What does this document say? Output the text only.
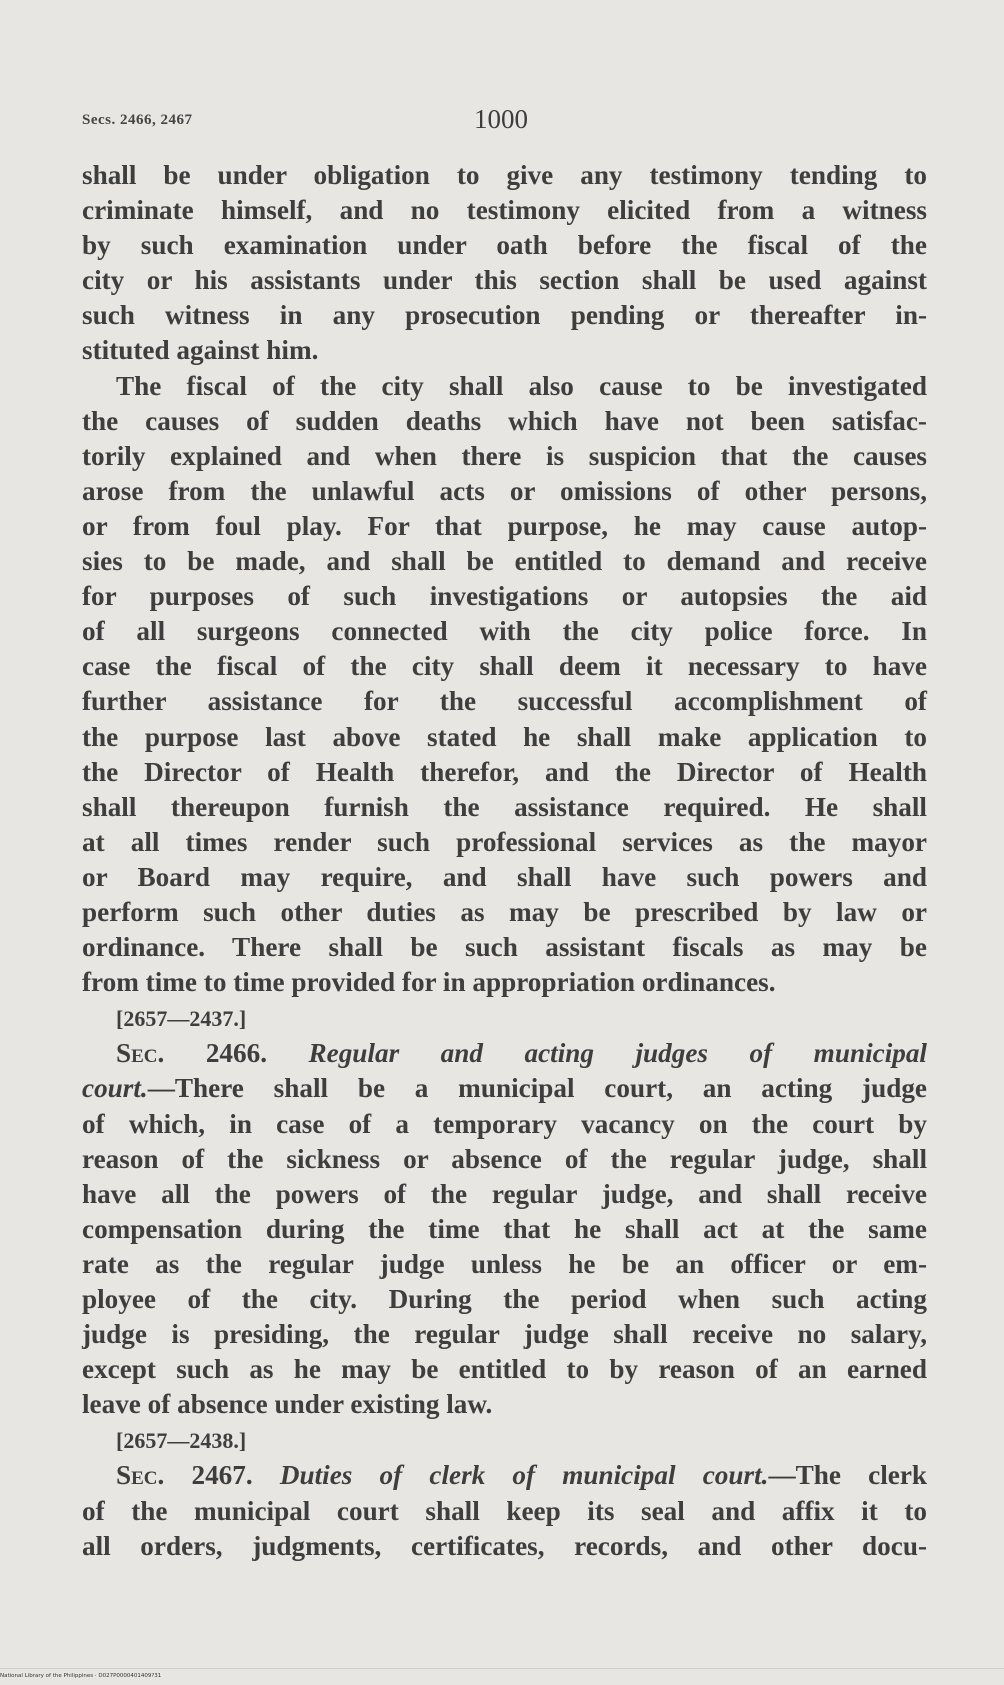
Secs. 2466, 2467	1000
shall be under obligation to give any testimony tending to
criminate himself, and no testimony elicited from a witness
by such examination under oath before the fiscal of the
city or his assistants under this section shall be used against
such witness in any prosecution pending or thereafter in-
stituted against him.
The fiscal of the city shall also cause to be investigated
the causes of sudden deaths which have not been satisfac-
torily explained and when there is suspicion that the causes
arose from the unlawful acts or omissions of other persons,
or from foul play. For that purpose, he may cause autop-
sies to be made, and shall be entitled to demand and receive
for purposes of such investigations or autopsies the aid
of all surgeons connected with the city police force. In
case the fiscal of the city shall deem it necessary to have
further assistance for the successful accomplishment of
the purpose last above stated he shall make application to
the Director of Health therefor, and the Director of Health
shall thereupon furnish the assistance required. He shall
at all times render such professional services as the mayor
or Board may require, and shall have such powers and
perform such other duties as may be prescribed by law or
ordinance. There shall be such assistant fiscals as may be
from time to time provided for in appropriation ordinances.
[2657—2437.]
Sec. 2466. Regular and acting judges of municipal
court.—There shall be a municipal court, an acting judge
of which, in case of a temporary vacancy on the court by
reason of the sickness or absence of the regular judge, shall
have all the powers of the regular judge, and shall receive
compensation during the time that he shall act at the same
rate as the regular judge unless he be an officer or em-
ployee of the city. During the period when such acting
judge is presiding, the regular judge shall receive no salary,
except such as he may be entitled to by reason of an earned
leave of absence under existing law.
[2657—2438.]
Sec. 2467. Duties of clerk of municipal court.—The clerk
of the municipal court shall keep its seal and affix it to
all orders, judgments, certificates, records, and other docu-
National Library of the Philippines · D027P0000401409?31
